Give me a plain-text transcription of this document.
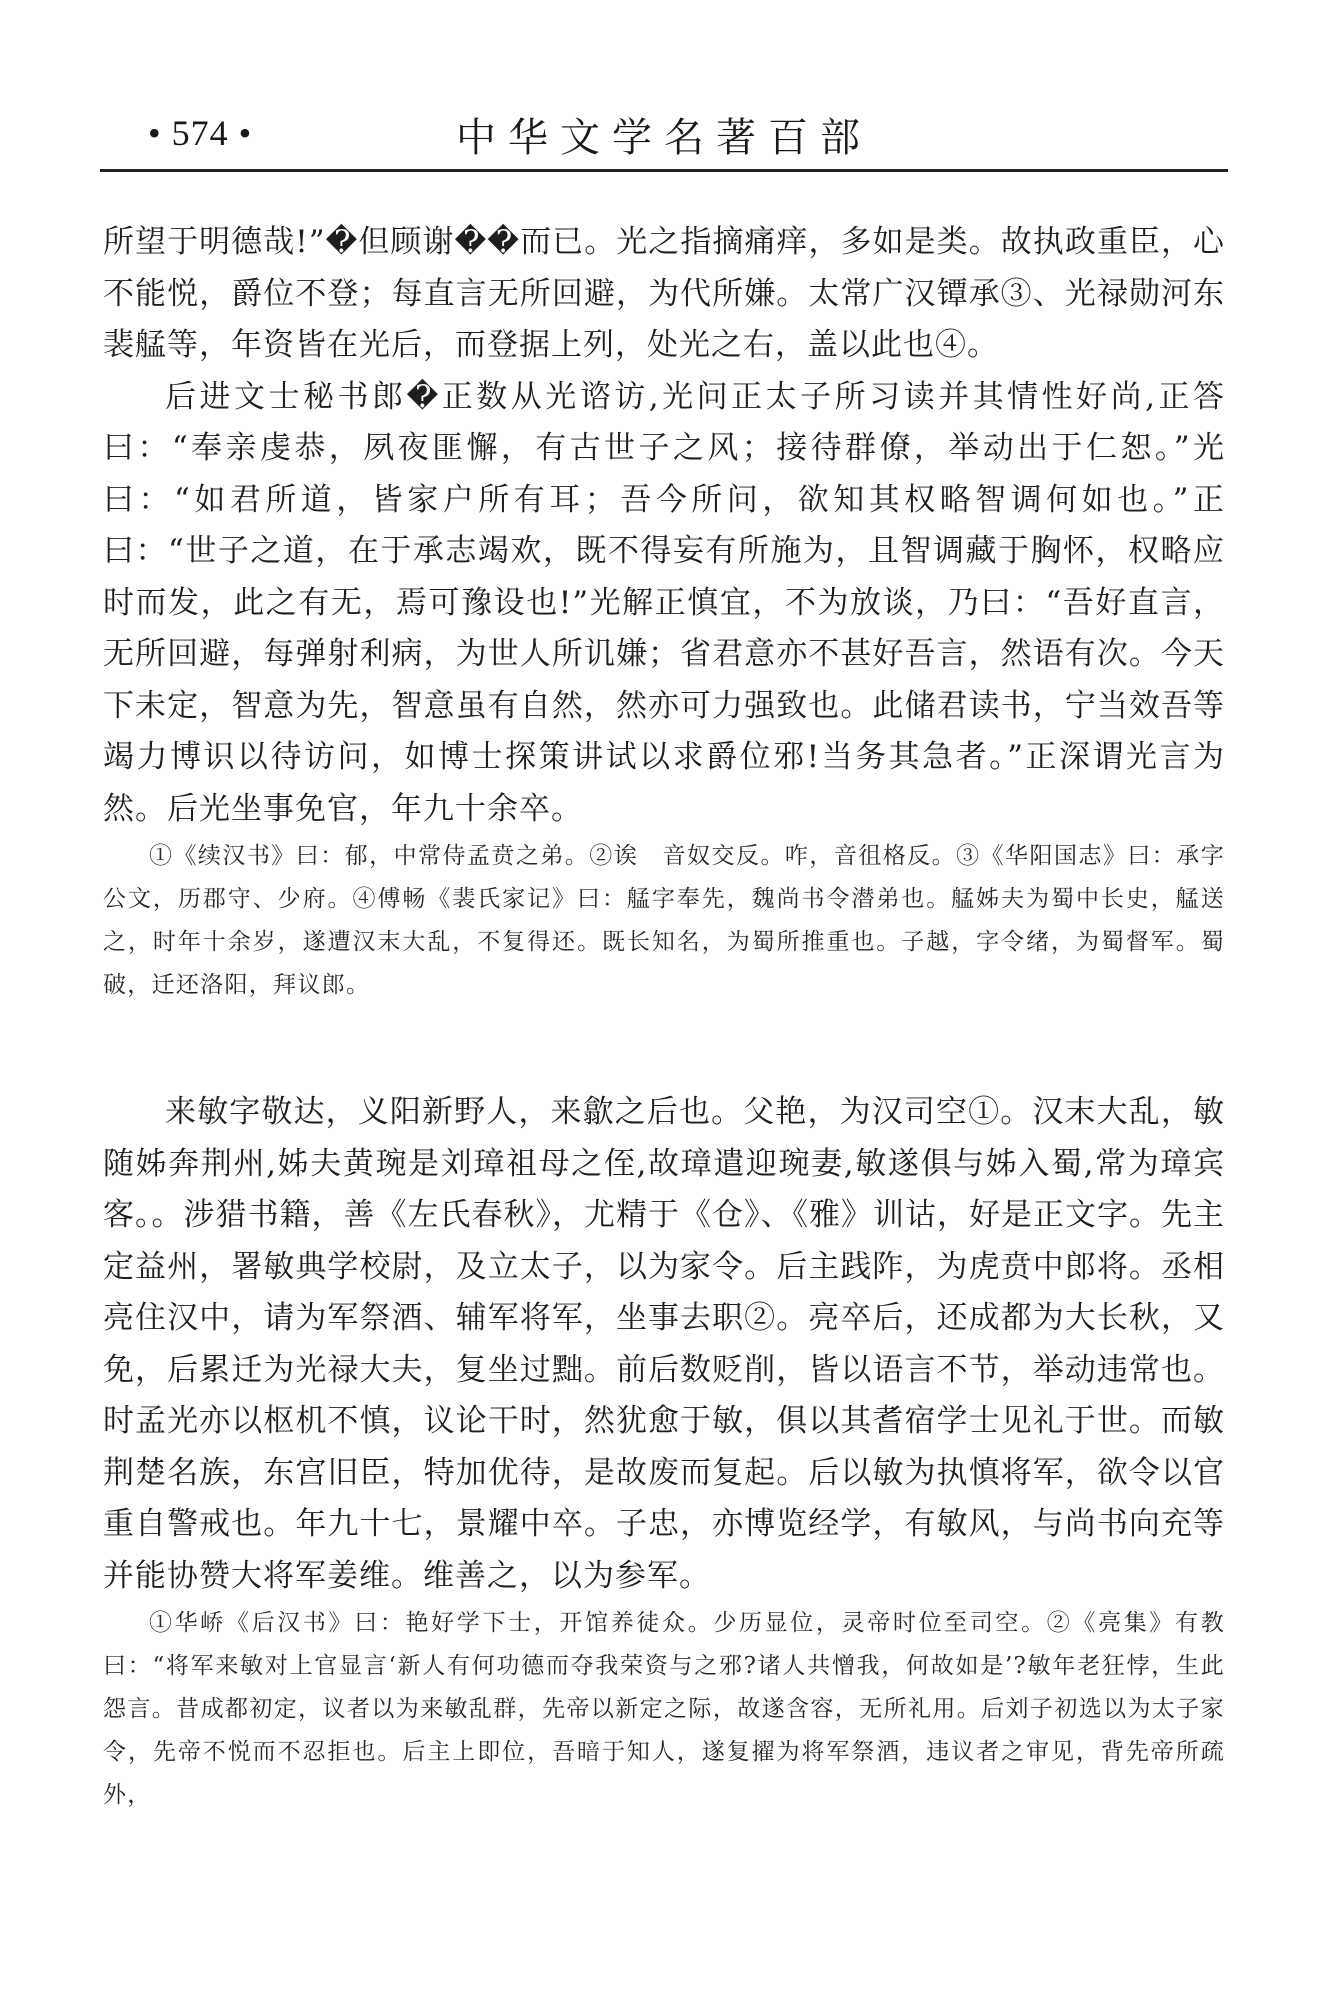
• 574 •	中华文学名著百部

所望于明德哉!”�但顾谢��而已。光之指摘痛痒，多如是类。故执政重臣，心不能悦，爵位不登；每直言无所回避，为代所嫌。太常广汉镡承③、光禄勋河东裴艋等，年资皆在光后，而登据上列，处光之右，盖以此也④。

后进文士秘书郎�正数从光谘访,光问正太子所习读并其情性好尚,正答曰：“奉亲虔恭，夙夜匪懈，有古世子之风；接待群僚，举动出于仁恕。”光曰：“如君所道，皆家户所有耳；吾今所问，欲知其权略智调何如也。”正曰：“世子之道，在于承志竭欢，既不得妄有所施为，且智调藏于胸怀，权略应时而发，此之有无，焉可豫设也!”光解正慎宜，不为放谈，乃曰：“吾好直言，无所回避，每弹射利病，为世人所讥嫌；省君意亦不甚好吾言，然语有次。今天下未定，智意为先，智意虽有自然，然亦可力强致也。此储君读书，宁当效吾等竭力博识以待访问，如博士探策讲试以求爵位邪!当务其急者。”正深谓光言为然。后光坐事免官，年九十余卒。

①《续汉书》曰：郁，中常侍孟贲之弟。②诶　音奴交反。咋，音徂格反。③《华阳国志》曰：承字公文，历郡守、少府。④傅畅《裴氏家记》曰：艋字奉先，魏尚书令潜弟也。艋姊夫为蜀中长史，艋送之，时年十余岁，遂遭汉末大乱，不复得还。既长知名，为蜀所推重也。子越，字令绪，为蜀督军。蜀破，迁还洛阳，拜议郎。

来敏字敬达，义阳新野人，来歙之后也。父艳，为汉司空①。汉末大乱，敏随姊奔荆州,姊夫黄琬是刘璋祖母之侄,故璋遣迎琬妻,敏遂俱与姊入蜀,常为璋宾客。。涉猎书籍，善《左氏春秋》，尤精于《仓》、《雅》训诂，好是正文字。先主定益州，署敏典学校尉，及立太子，以为家令。后主践阼，为虎贲中郎将。丞相亮住汉中，请为军祭酒、辅军将军，坐事去职②。亮卒后，还成都为大长秋，又免，后累迁为光禄大夫，复坐过黜。前后数贬削，皆以语言不节，举动违常也。时孟光亦以枢机不慎，议论干时，然犹愈于敏，俱以其耆宿学士见礼于世。而敏荆楚名族，东宫旧臣，特加优待，是故废而复起。后以敏为执慎将军，欲令以官重自警戒也。年九十七，景耀中卒。子忠，亦博览经学，有敏风，与尚书向充等并能协赞大将军姜维。维善之，以为参军。

①华峤《后汉书》曰：艳好学下士，开馆养徒众。少历显位，灵帝时位至司空。②《亮集》有教曰：“将军来敏对上官显言‘新人有何功德而夺我荣资与之邪?诸人共憎我，何故如是’?敏年老狂悖，生此怨言。昔成都初定，议者以为来敏乱群，先帝以新定之际，故遂含容，无所礼用。后刘子初选以为太子家令，先帝不悦而不忍拒也。后主上即位，吾暗于知人，遂复擢为将军祭酒，违议者之审见，背先帝所疏外，
